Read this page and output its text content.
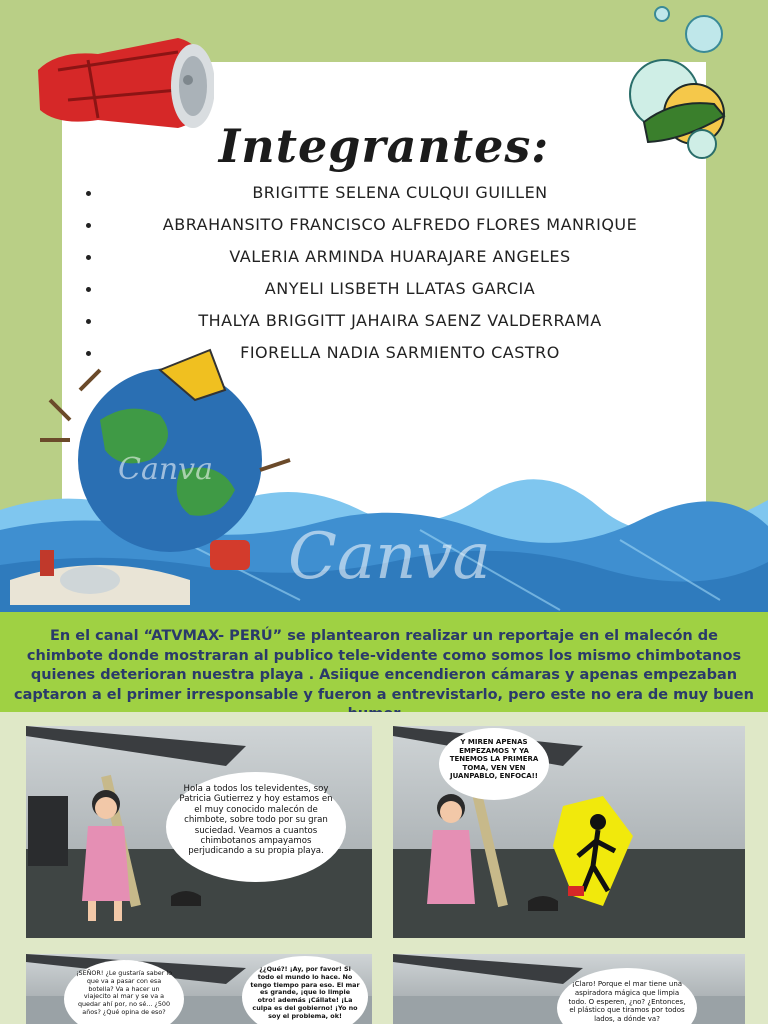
Integrantes:
BRIGITTE SELENA CULQUI GUILLEN
ABRAHANSITO FRANCISCO ALFREDO FLORES MANRIQUE
VALERIA ARMINDA HUARAJARE ANGELES
ANYELI LISBETH LLATAS GARCIA
THALYA BRIGGITT JAHAIRA SAENZ VALDERRAMA
FIORELLA NADIA SARMIENTO CASTRO
Canva
Canva

En el canal “ATVMAX- PERÚ” se plantearon realizar un reportaje en el malecón de chimbote donde mostraran al publico tele-vidente como somos los mismo chimbotanos quienes deterioran nuestra playa . Asiique encendieron cámaras y apenas empezaban captaron a el primer irresponsable y fueron a entrevistarlo, pero este no era de muy buen

Hola a todos los televidentes, soy Patricia Gutierrez y hoy estamos en el muy conocido malecón de chimbote, sobre todo por su gran suciedad. Veamos a cuantos chimbotanos ampayamos perjudicando a su propia playa.
Y MIREN APENAS EMPEZAMOS Y YA TENEMOS LA PRIMERA TOMA, VEN VEN JUANPABLO, ENFOCA!!
¡SEÑOR! ¿Le gustaría saber lo que va a pasar con esa botella? Va a hacer un viajecito al mar y se va a quedar ahí por, no sé... ¿500 años? ¿Qué opina de eso?
¿¿Qué?! ¡Ay, por favor! Si todo el mundo lo hace. No tengo tiempo para eso. El mar es grande, ¡que lo limpie otro! además ¡Cállate! ¡La culpa es del gobierno! ¡Yo no soy el problema, ok!
¡Claro! Porque el mar tiene una aspiradora mágica que limpia todo. O esperen, ¿no? ¿Entonces, el plástico que tiramos por todos lados, a dónde va?
